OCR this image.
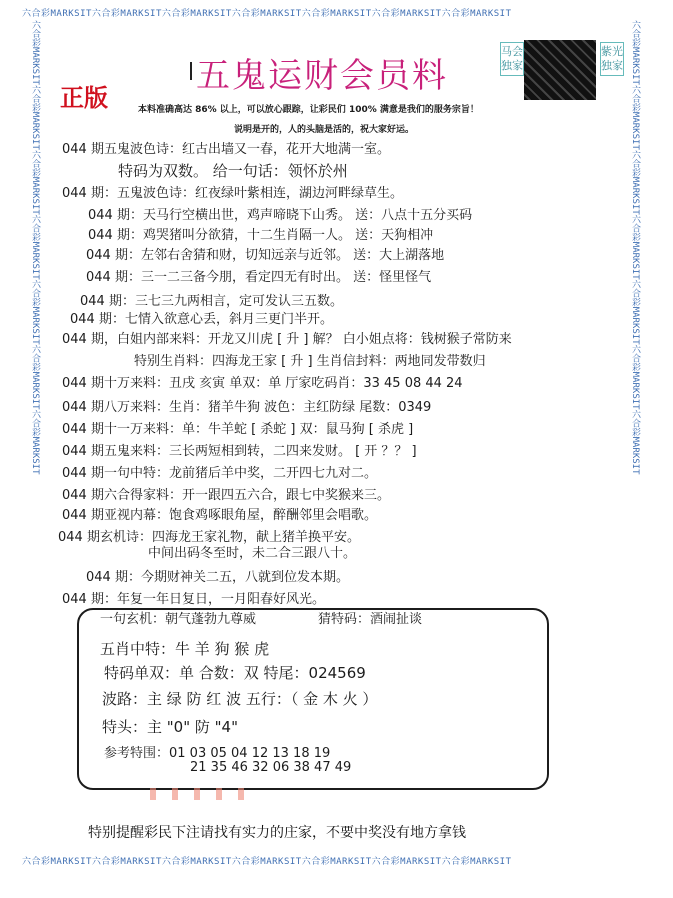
六合彩MARKSIT六合彩MARKSIT六合彩MARKSIT六合彩MARKSIT六合彩MARKSIT六合彩MARKSIT六合彩MARKSIT
六合彩MARKSIT六合彩MARKSIT六合彩MARKSIT六合彩MARKSIT六合彩MARKSIT六合彩MARKSIT六合彩MARKSIT
六合彩MARKSIT六合彩MARKSIT六合彩MARKSIT六合彩MARKSIT六合彩MARKSIT六合彩MARKSIT六合彩MARKSIT	六合彩MARKSIT六合彩MARKSIT六合彩MARKSIT六合彩MARKSIT六合彩MARKSIT六合彩MARKSIT六合彩MARKSIT
五鬼运财会员料
正版
马会独家
紫光独家
本料准确高达 86% 以上，可以放心跟踪，让彩民们 100% 满意是我们的服务宗旨！
说明是开的，人的头脑是活的，祝大家好运。
044 期五鬼波色诗：红古出墙又一春，花开大地满一室。
特码为双数。 给一句话：领怀於州
044 期：五鬼波色诗：红夜绿叶紫相连，湖边河畔绿草生。
044 期：天马行空横出世，鸡声啼晓下山秀。 送：八点十五分买码
044 期：鸡哭猪叫分欲猜，十二生肖隔一人。 送：天狗相冲
044 期：左邻右舍猜和财，切知远亲与近邻。 送：大上湖落地
044 期：三一二三备今朋，看定四无有时出。 送：怪里怪气
044 期：三七三九两相言，定可发认三五数。
044 期：七情入欲意心丢，斜月三更门半开。
044 期，白姐内部来料：开龙又川虎 [ 升 ] 解？ 白小姐点将：钱树猴子常防来
特别生肖料：四海龙王家 [ 升 ] 生肖信封料：两地同发带数归
044 期十万来料：丑戌 亥寅 单双：单 厅家吃码肖：33 45 08 44 24
044 期八万来料：生肖：猪羊牛狗 波色：主红防绿 尾数：0349
044 期十一万来料：单：牛羊蛇 [ 杀蛇 ] 双：鼠马狗 [ 杀虎 ]
044 期五鬼来料：三长两短相到转，二四来发财。 [ 开 ？？ ]
044 期一句中特：龙前猪后羊中奖，二开四七九对二。
044 期六合得家料：开一跟四五六合，跟七中奖猴来三。
044 期亚视内幕：饱食鸡啄眼角屋，醉酬邻里会唱歌。
044 期玄机诗：四海龙王家礼物，献上猪羊换平安。
中间出码冬至时，未二合三跟八十。
044 期：今期财神关二五，八就到位发本期。
044 期：年复一年日复日，一月阳春好风光。
一句玄机：朝气蓬勃九尊威	猜特码：酒闹扯谈
五肖中特：牛 羊 狗 猴 虎
特码单双：单 合数：双 特尾：024569
波路：主 绿 防 红 波 五行：（ 金 木 火 ）
特头：主 "0" 防 "4"
参考特围：01 03 05 04 12 13 18 19
21 35 46 32 06 38 47 49
特别提醒彩民下注请找有实力的庄家，不要中奖没有地方拿钱
